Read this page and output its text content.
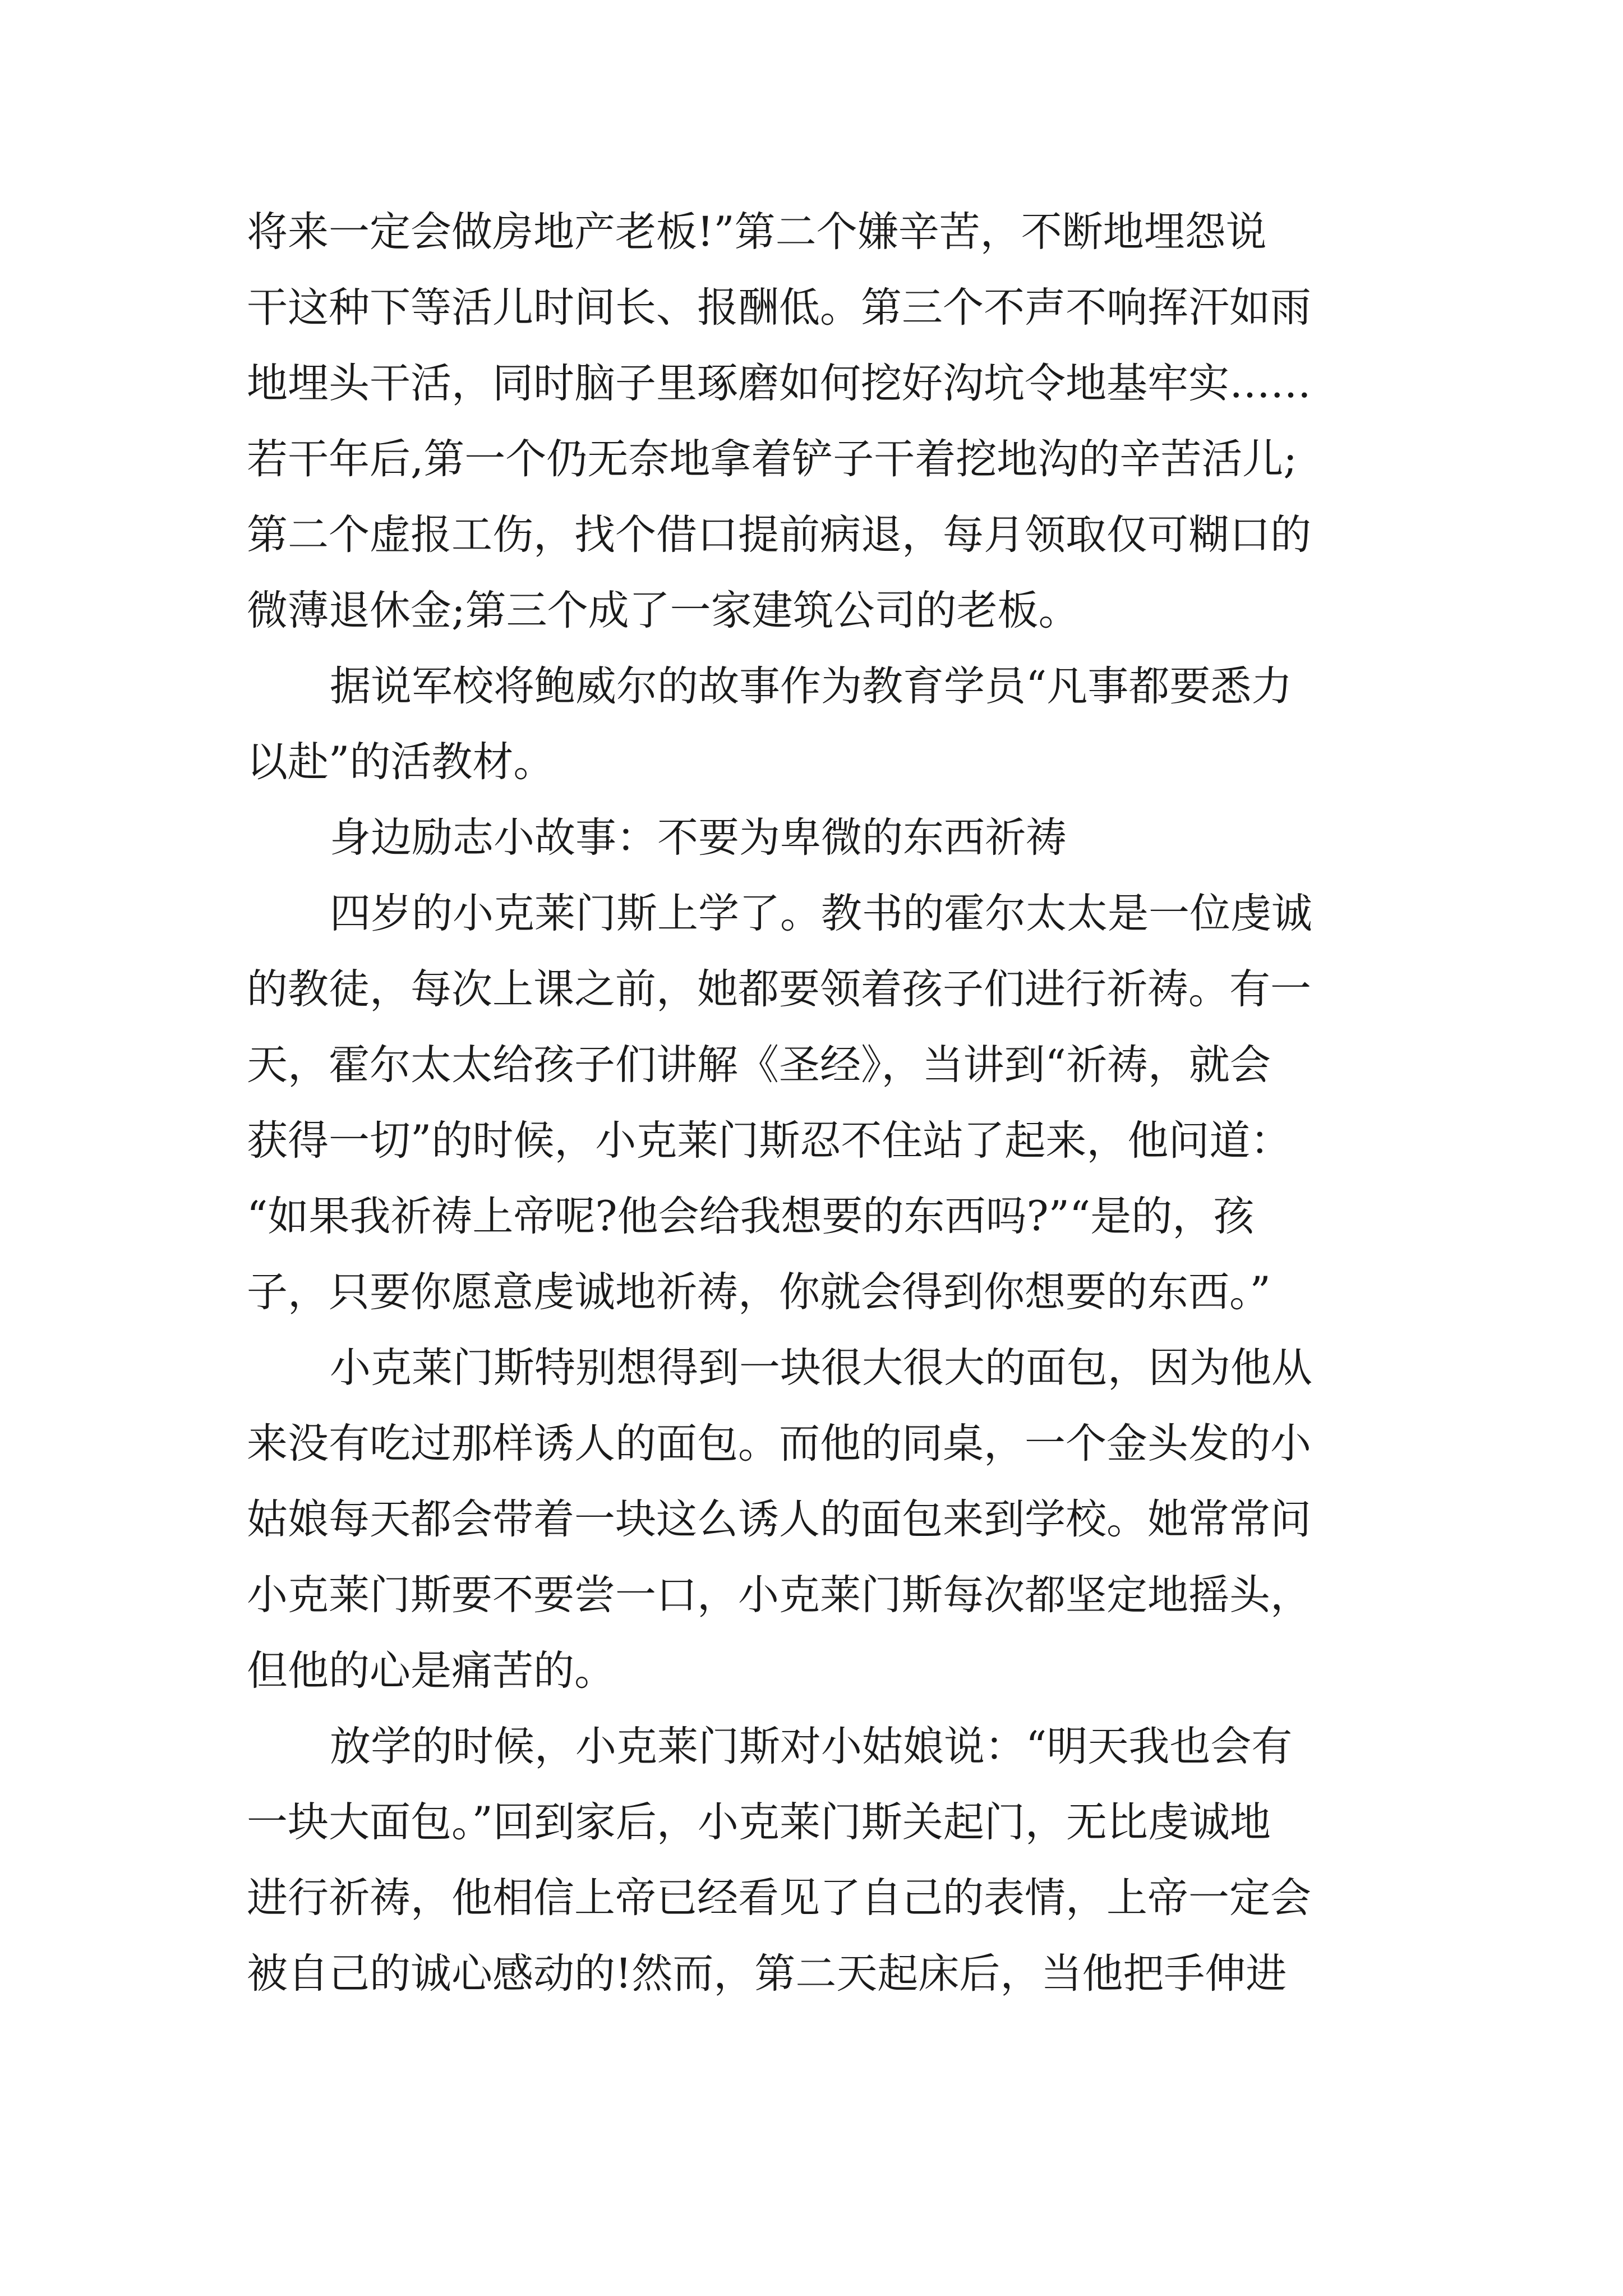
将来一定会做房地产老板!”第二个嫌辛苦，不断地埋怨说
干这种下等活儿时间长、报酬低。第三个不声不响挥汗如雨
地埋头干活，同时脑子里琢磨如何挖好沟坑令地基牢实……
若干年后,第一个仍无奈地拿着铲子干着挖地沟的辛苦活儿;
第二个虚报工伤，找个借口提前病退，每月领取仅可糊口的
微薄退休金;第三个成了一家建筑公司的老板。
据说军校将鲍威尔的故事作为教育学员“凡事都要悉力
以赴”的活教材。
身边励志小故事：不要为卑微的东西祈祷
四岁的小克莱门斯上学了。教书的霍尔太太是一位虔诚
的教徒，每次上课之前，她都要领着孩子们进行祈祷。有一
天，霍尔太太给孩子们讲解《圣经》，当讲到“祈祷，就会
获得一切”的时候，小克莱门斯忍不住站了起来，他问道：
“如果我祈祷上帝呢?他会给我想要的东西吗?”“是的，孩
子，只要你愿意虔诚地祈祷，你就会得到你想要的东西。”
小克莱门斯特别想得到一块很大很大的面包，因为他从
来没有吃过那样诱人的面包。而他的同桌，一个金头发的小
姑娘每天都会带着一块这么诱人的面包来到学校。她常常问
小克莱门斯要不要尝一口，小克莱门斯每次都坚定地摇头，
但他的心是痛苦的。
放学的时候，小克莱门斯对小姑娘说：“明天我也会有
一块大面包。”回到家后，小克莱门斯关起门，无比虔诚地
进行祈祷，他相信上帝已经看见了自己的表情，上帝一定会
被自己的诚心感动的!然而，第二天起床后，当他把手伸进
